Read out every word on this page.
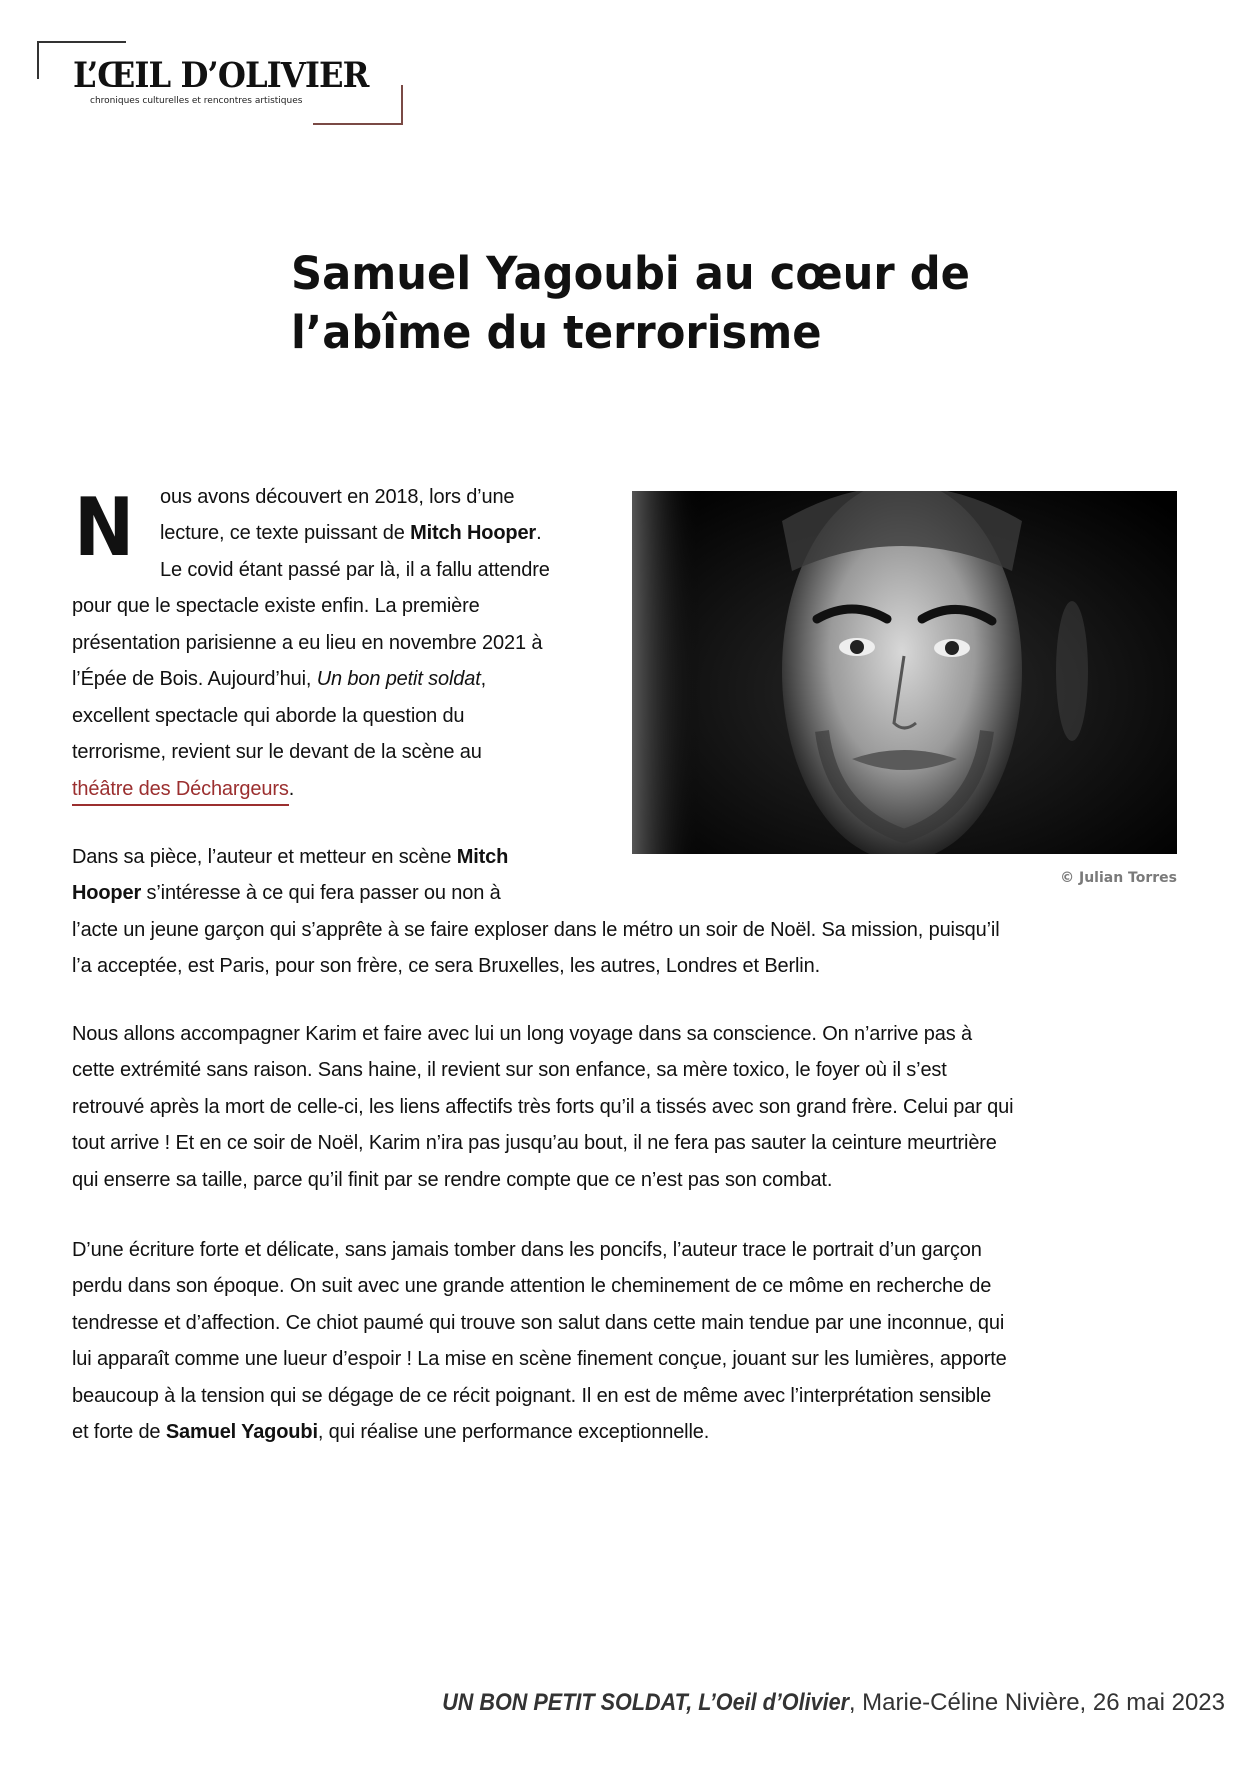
L’ŒIL D’OLIVIER
chroniques culturelles et rencontres artistiques
Samuel Yagoubi au cœur de
l’abîme du terrorisme
N ous avons découvert en 2018, lors d’une
lecture, ce texte puissant de Mitch Hooper.
Le covid étant passé par là, il a fallu attendre
pour que le spectacle existe enfin. La première
présentation parisienne a eu lieu en novembre 2021 à
l’Épée de Bois. Aujourd’hui, Un bon petit soldat,
excellent spectacle qui aborde la question du
terrorisme, revient sur le devant de la scène au
théâtre des Déchargeurs.
© Julian Torres
Dans sa pièce, l’auteur et metteur en scène Mitch
Hooper s’intéresse à ce qui fera passer ou non à
l’acte un jeune garçon qui s’apprête à se faire exploser dans le métro un soir de Noël. Sa mission, puisqu’il
l’a acceptée, est Paris, pour son frère, ce sera Bruxelles, les autres, Londres et Berlin.
Nous allons accompagner Karim et faire avec lui un long voyage dans sa conscience. On n’arrive pas à
cette extrémité sans raison. Sans haine, il revient sur son enfance, sa mère toxico, le foyer où il s’est
retrouvé après la mort de celle-ci, les liens affectifs très forts qu’il a tissés avec son grand frère. Celui par qui
tout arrive ! Et en ce soir de Noël, Karim n’ira pas jusqu’au bout, il ne fera pas sauter la ceinture meurtrière
qui enserre sa taille, parce qu’il finit par se rendre compte que ce n’est pas son combat.
D’une écriture forte et délicate, sans jamais tomber dans les poncifs, l’auteur trace le portrait d’un garçon
perdu dans son époque. On suit avec une grande attention le cheminement de ce môme en recherche de
tendresse et d’affection. Ce chiot paumé qui trouve son salut dans cette main tendue par une inconnue, qui
lui apparaît comme une lueur d’espoir ! La mise en scène finement conçue, jouant sur les lumières, apporte
beaucoup à la tension qui se dégage de ce récit poignant. Il en est de même avec l’interprétation sensible
et forte de Samuel Yagoubi, qui réalise une performance exceptionnelle.
UN BON PETIT SOLDAT, L’Oeil d’Olivier, Marie-Céline Nivière, 26 mai 2023
